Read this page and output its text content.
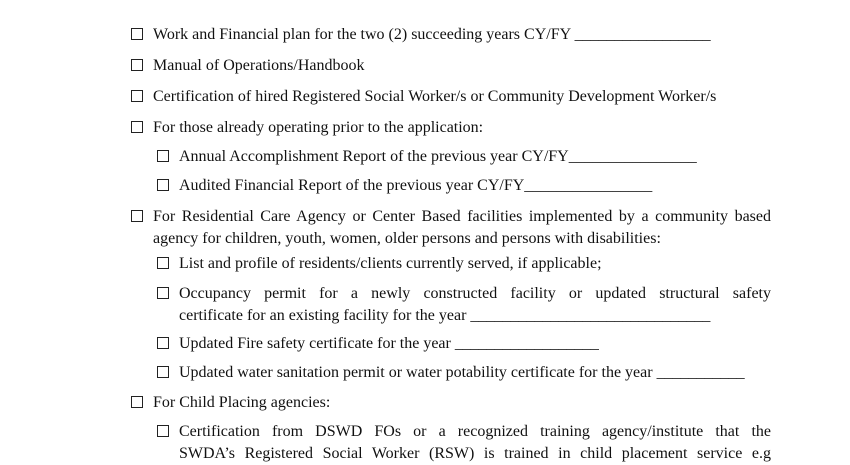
Work and Financial plan for the two (2) succeeding years CY/FY _________________
Manual of Operations/Handbook
Certification of hired Registered Social Worker/s or Community Development Worker/s
For those already operating prior to the application:
Annual Accomplishment Report of the previous year CY/FY________________
Audited Financial Report of the previous year CY/FY________________
For Residential Care Agency or Center Based facilities implemented by a community based
agency for children, youth, women, older persons and persons with disabilities:
List and profile of residents/clients currently served, if applicable;
Occupancy permit for a newly constructed facility or updated structural safety
certificate for an existing facility for the year ______________________________
Updated Fire safety certificate for the year __________________
Updated water sanitation permit or water potability certificate for the year ___________
For Child Placing agencies:
Certification from DSWD FOs or a recognized training agency/institute that the
SWDA’s Registered Social Worker (RSW) is trained in child placement service e.g
